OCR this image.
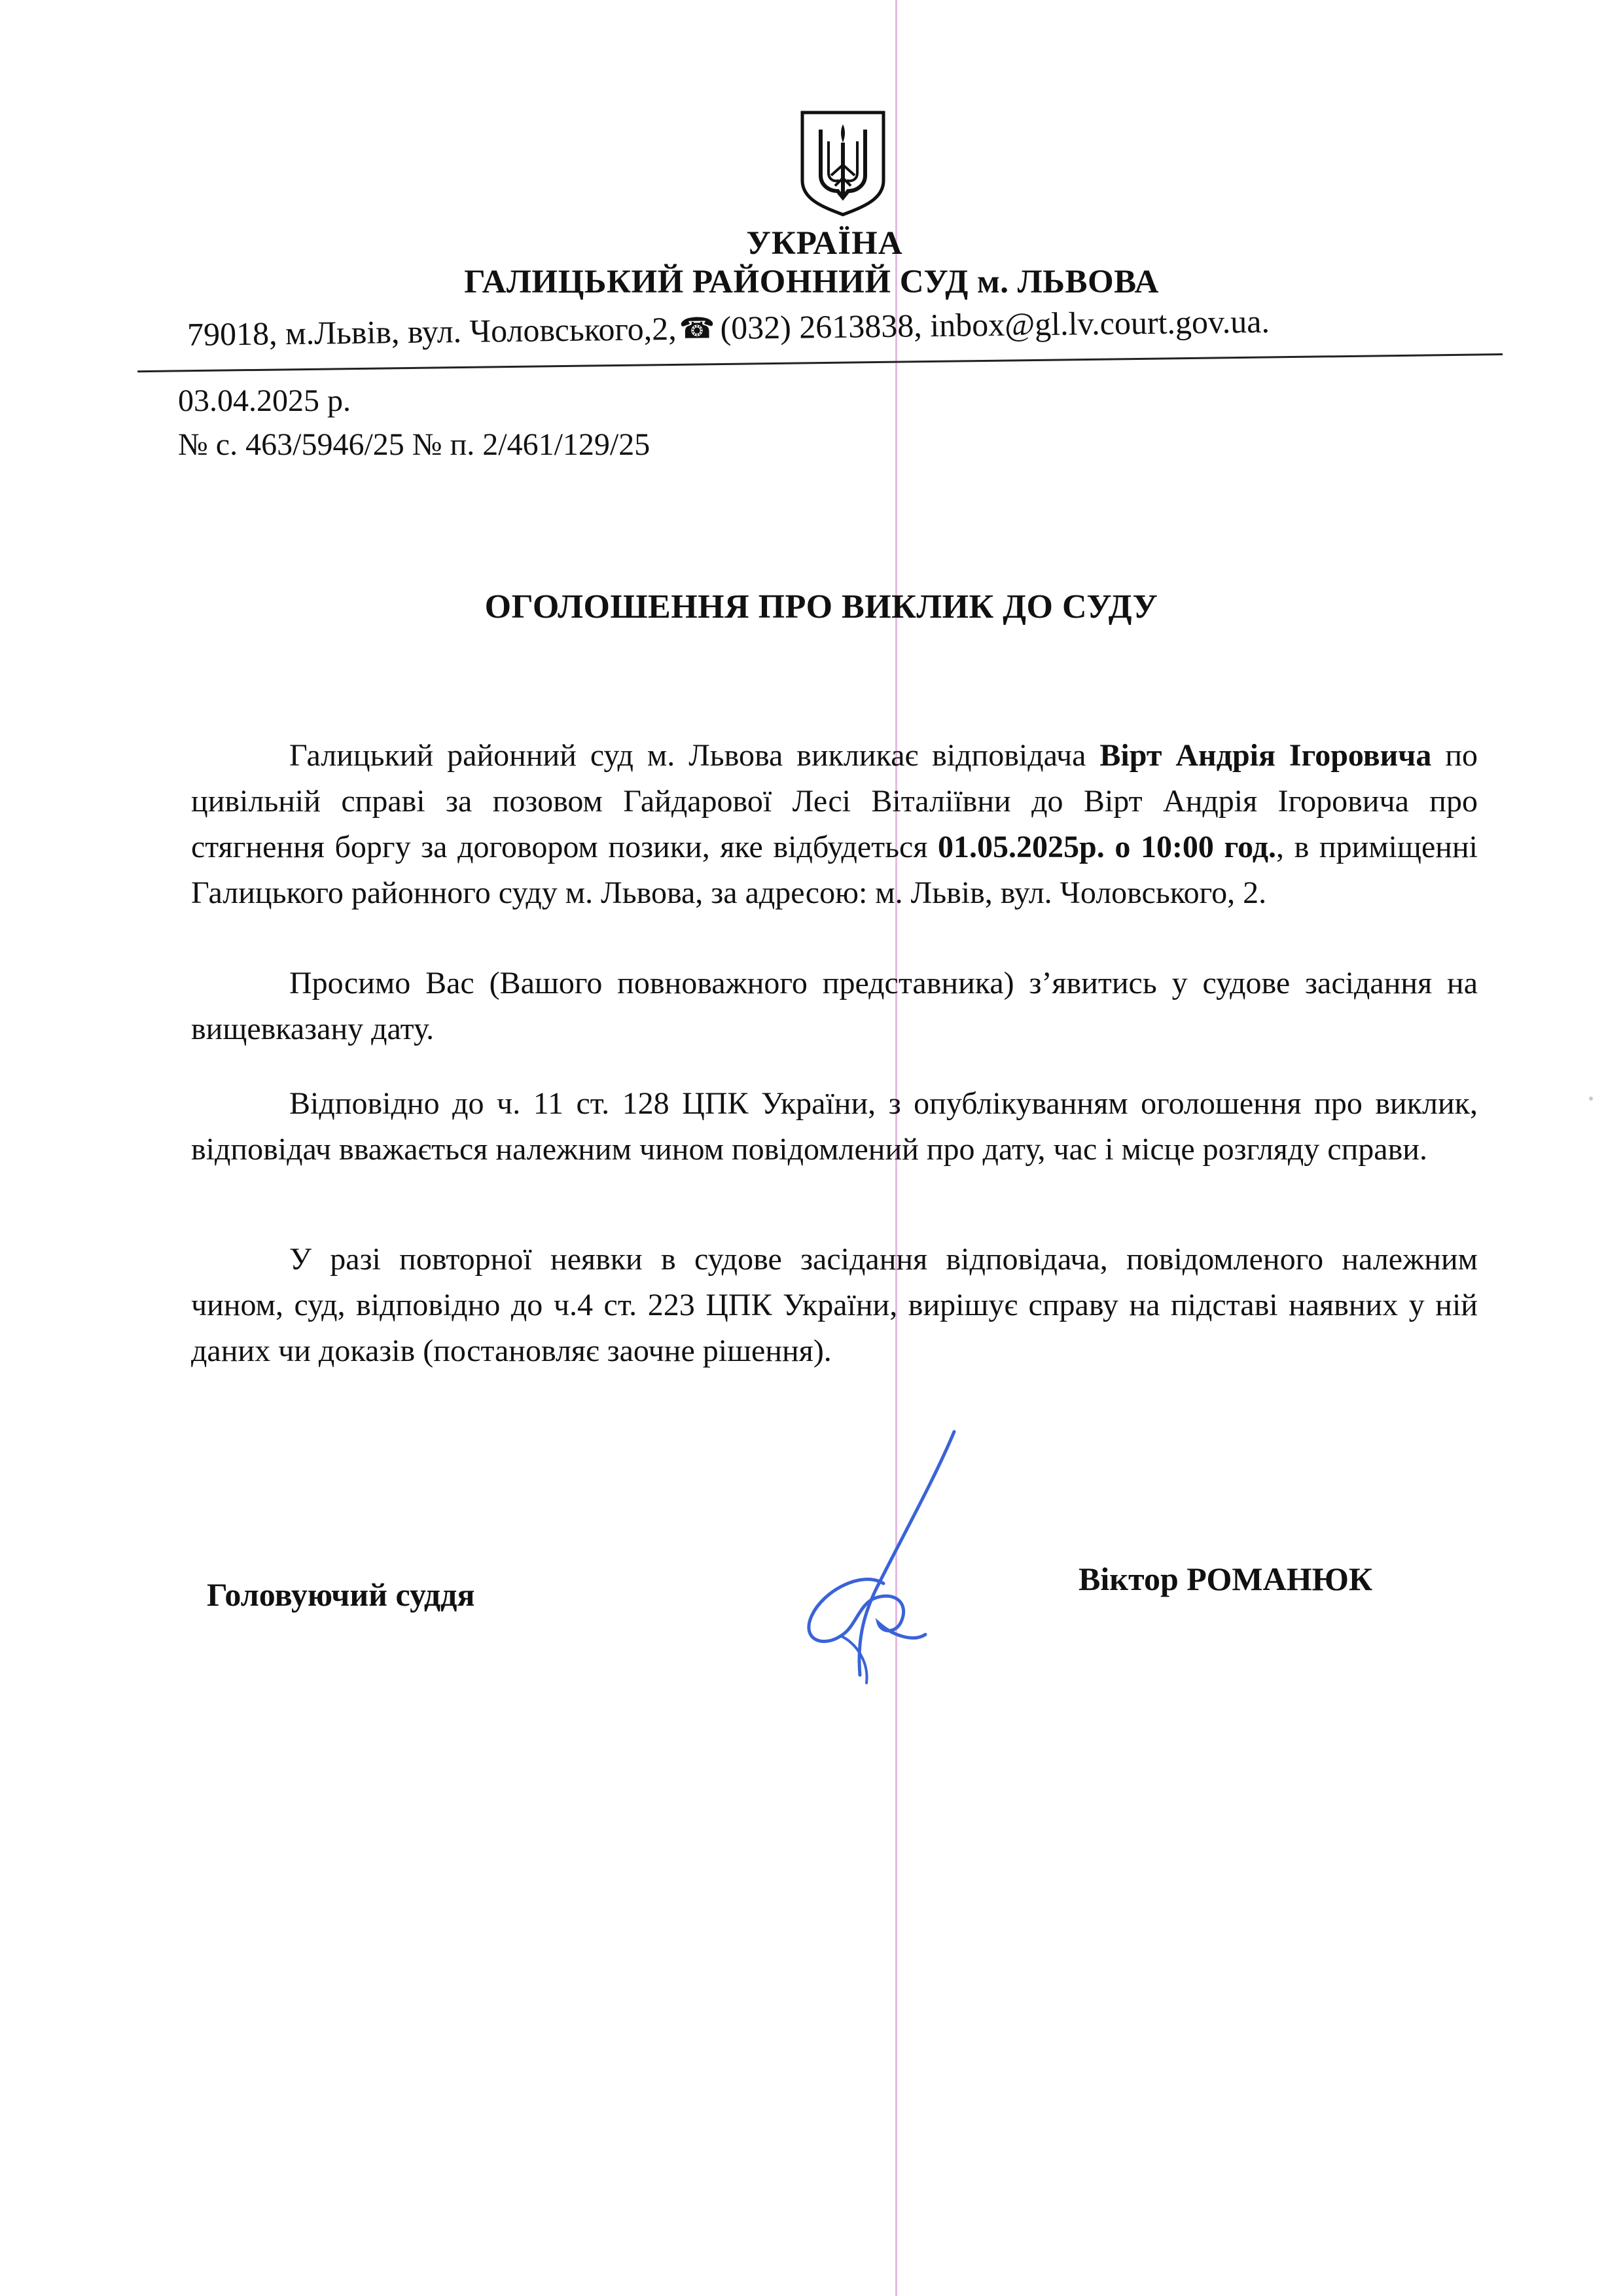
УКРАЇНА
ГАЛИЦЬКИЙ РАЙОННИЙ СУД м. ЛЬВОВА
79018, м.Львів, вул. Чоловського,2,☎ (032) 2613838, inbox@gl.lv.court.gov.ua.
03.04.2025 р.
№ с. 463/5946/25 № п. 2/461/129/25
ОГОЛОШЕННЯ ПРО ВИКЛИК ДО СУДУ
Галицький районний суд м. Львова викликає відповідача Вірт Андрія Ігоровича по цивільній справі за позовом Гайдарової Лесі Віталіївни до Вірт Андрія Ігоровича про стягнення боргу за договором позики, яке відбудеться 01.05.2025р. о 10:00 год., в приміщенні Галицького районного суду м. Львова, за адресою: м. Львів, вул. Чоловського, 2.
Просимо Вас (Вашого повноважного представника) з’явитись у судове засідання на вищевказану дату.
Відповідно до ч. 11 ст. 128 ЦПК України, з опублікуванням оголошення про виклик, відповідач вважається належним чином повідомлений про дату, час і місце розгляду справи.
У разі повторної неявки в судове засідання відповідача, повідомленого належним чином, суд, відповідно до ч.4 ст. 223 ЦПК України, вирішує справу на підставі наявних у ній даних чи доказів (постановляє заочне рішення).
Головуючий суддя	Віктор РОМАНЮК
